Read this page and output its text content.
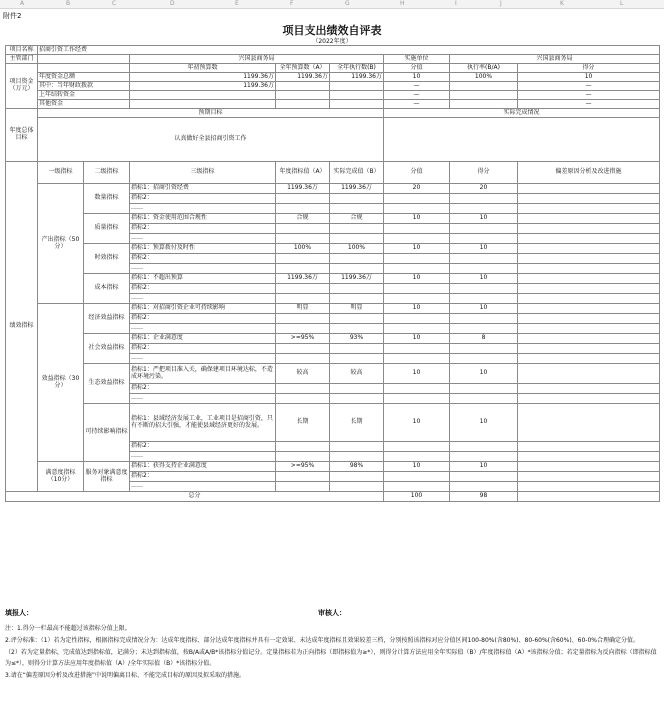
A	B	C	D	E	F	G	H	I	J	K	L
附件2
项目支出绩效自评表
（2022年度）
项目名称	招商引资工作经费							
主管部门			兴国县商务局			实施单位	兴国县商务局	
项目资金（万元）			年初预算数	全年预算数（A）	全年执行数(B)	分值	执行率(B/A)	得分
	年度资金总额		1199.36万	1199.36万	1199.36万	10	100%	10
	其中：当年财政拨款		1199.36万			—		—
	上年结转资金					—		—
	其他资金					—		—
年度总体目标	预期目标					实际完成情况		
	认真做好全县招商引资工作							
绩效指标	一级指标	二级指标	三级指标	年度指标值（A）	实际完成值（B）	分值	得分	偏差原因分析及改进措施
	产出指标（50分）	数量指标	指标1：招商引资经费	1199.36万	1199.36万	20	20	
			指标2：					
			……					
		质量指标	指标1：资金使用范围合规性	合规	合规	10	10	
			指标2：					
			……					
		时效指标	指标1：预算拨付及时性	100%	100%	10	10	
			指标2：					
			……					
		成本指标	指标1：不超出预算	1199.36万	1199.36万	10	10	
			指标2：					
			……					
	效益指标（30分）	经济效益指标	指标1：对招商引资企业可持续影响	明显	明显	10	10	
			指标2：					
			……					
		社会效益指标	指标1：企业满意度	>=95%	93%	10	8	
			指标2：					
			……					
		生态效益指标	指标1：严把项目准入关，确保建项目环境达标，不造成环境污染。	较高	较高	10	10	
			指标2：					
			……					
		可持续影响指标	指标1：县域经济发展工业，工业项目是招商引资，只有不断的招大引强，才能使县域经济更好的发展。	长期	长期	10	10	
			指标2：					
			……					
	满意度指标（10分）	服务对象满意度指标	指标1：获得支持企业满意度	>=95%	98%	10	10	
			指标2：					
			……					
总分						100	98	
填报人：	审核人：

注：1.得分一栏最高不能超过该指标分值上限。

2.评分标准：（1）若为定性指标，根据指标完成情况分为：达成年度指标、部分达成年度指标并具有一定效果、未达成年度指标且效果较差三档，分别按照该指标对应分值区间100-80%(含80%)、80-60%(含60%)、60-0%合理确定分值。

（2）若为定量指标，完成值达到指标值，记满分；未达到指标值，按B/A或A/B*该指标分值记分。定量指标若为正向指标（即指标值为≥*），则得分计算方法应用全年实际值（B）/年度指标值（A）*该指标分值；若定量指标为反向指标（即指标值为≤*），则得分计算方法应用年度指标值（A）/全年实际值（B）*该指标分值。

3.请在“偏差原因分析及改进措施”中说明偏离目标、不能完成目标的原因及拟采取的措施。
